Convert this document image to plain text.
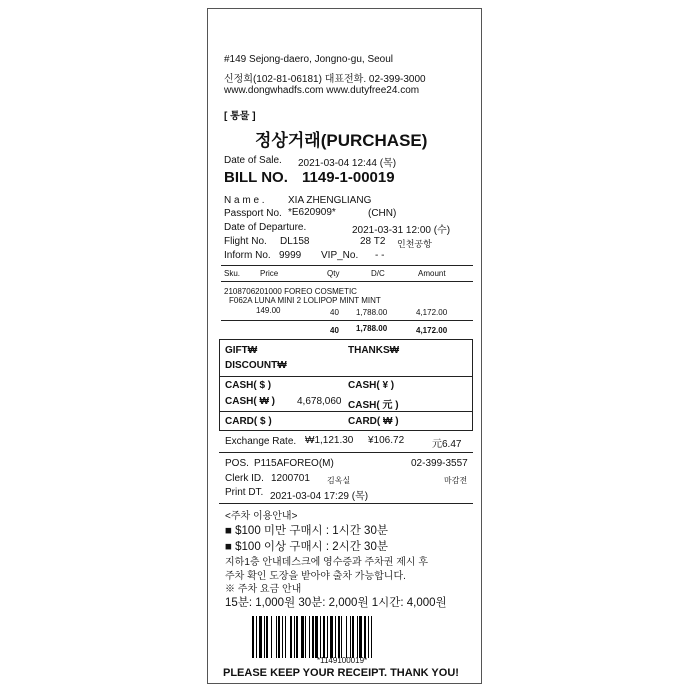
#149 Sejong-daero, Jongno-gu, Seoul
신정희(102-81-06181) 대표전화. 02-399-3000
www.dongwhadfs.com www.dutyfree24.com
[ 통물 ]
정상거래(PURCHASE)
Date of Sale. 2021-03-04 12:44 (목)
BILL NO. 1149-1-00019
N a m e . XIA ZHENGLIANG
Passport No. *E620909*	(CHN)
Date of Departure.	2021-03-31 12:00 (수)
Flight No. DL158	28 T2 인천공항
Inform No. 9999 VIP_No. - -
Sku. Price	Qty	D/C	Amount
2108706201000 FOREO COSMETIC
F062A LUNA MINI 2 LOLIPOP MINT MINT
149.00	40 1,788.00	4,172.00
40 1,788.00	4,172.00
GIFT₩	THANKS₩
DISCOUNT₩
CASH( $ )	CASH( ¥ )
CASH( ₩ ) 4,678,060 CASH( 元 )
CARD( $ )	CARD( ₩ )
Exchange Rate. ₩1,121.30 ¥106.72	元6.47
POS. P115AFOREO(M)	02-399-3557
Clerk ID. 1200701 김옥실	마감전
Print DT. 2021-03-04 17:29 (목)
<주차 이용안내>
■ $100 미만 구매시 : 1시간 30분
■ $100 이상 구매시 : 2시간 30분
지하1층 안내데스크에 영수증과 주차권 제시 후
주차 확인 도장을 받아야 출차 가능합니다.
※ 주차 요금 안내
15분: 1,000원 30분: 2,000원 1시간: 4,000원
*1149100019*
PLEASE KEEP YOUR RECEIPT. THANK YOU!
